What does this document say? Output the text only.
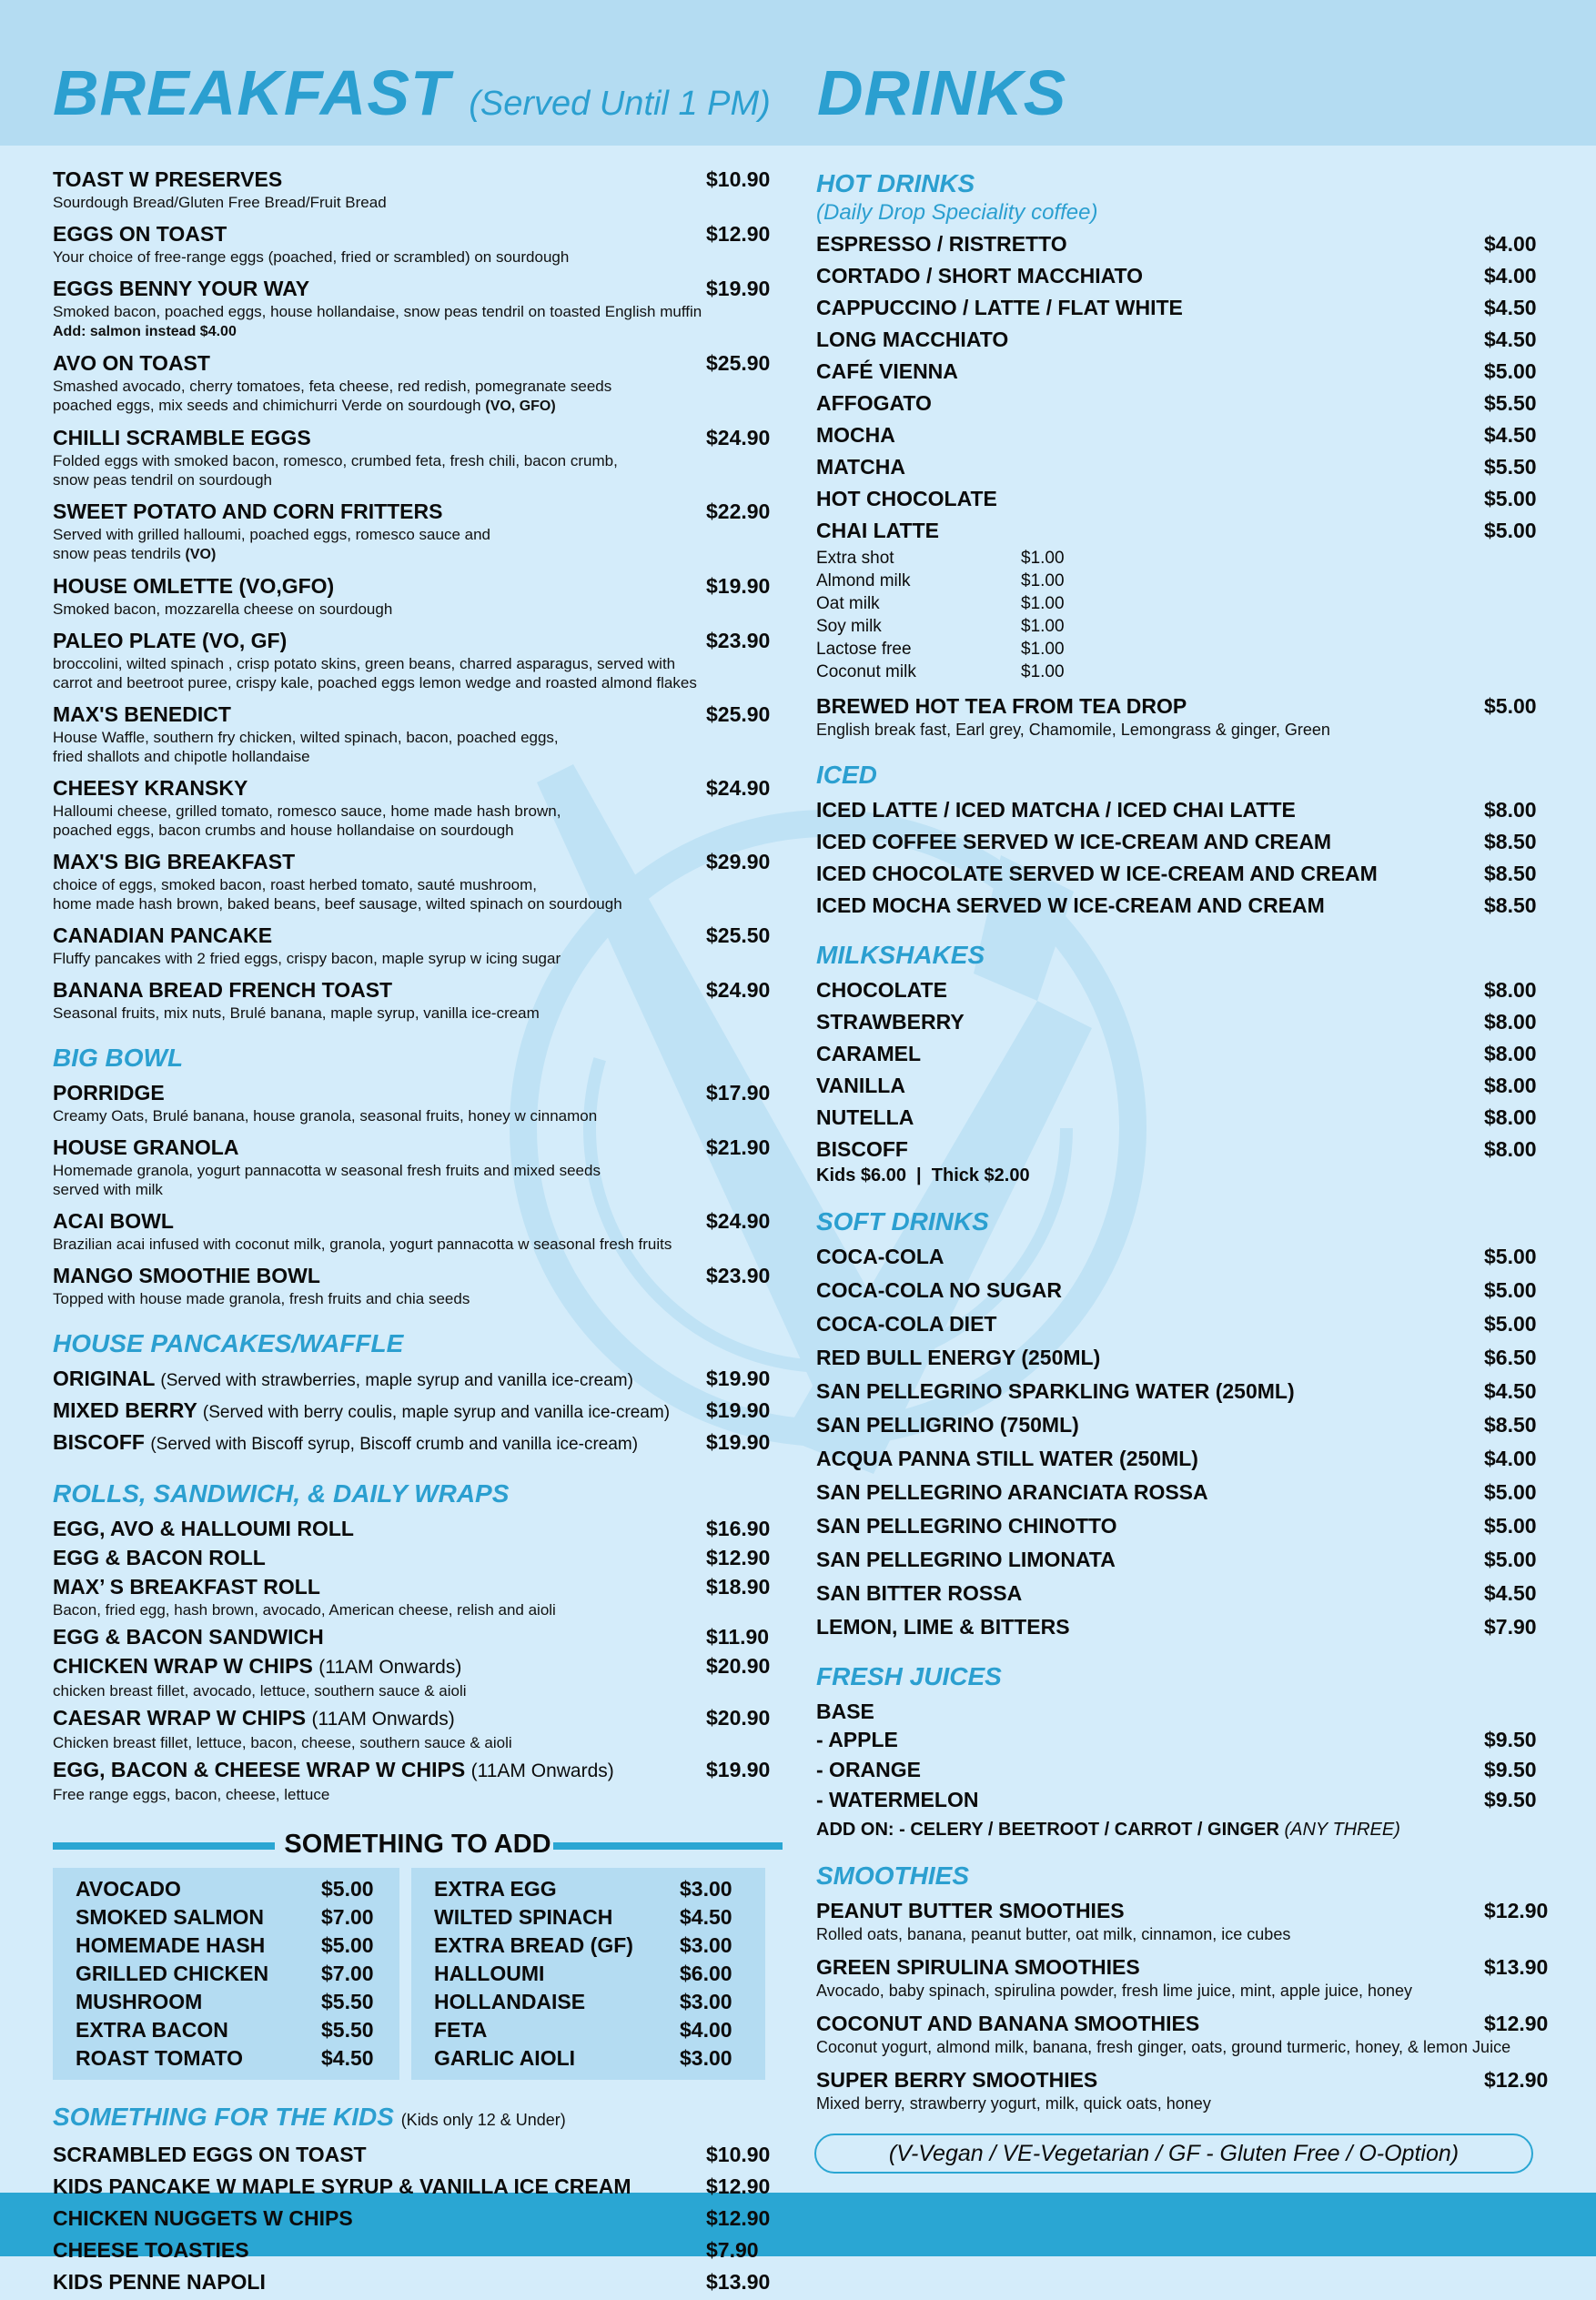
BREAKFAST (Served Until 1 PM) DRINKS
TOAST W PRESERVES	$10.90
Sourdough Bread/Gluten Free Bread/Fruit Bread
EGGS ON TOAST	$12.90
Your choice of free-range eggs (poached, fried or scrambled) on sourdough
EGGS BENNY YOUR WAY	$19.90
Smoked bacon, poached eggs, house hollandaise, snow peas tendril on toasted English muffin
Add: salmon instead $4.00
AVO ON TOAST	$25.90
Smashed avocado, cherry tomatoes, feta cheese, red redish, pomegranate seeds
poached eggs, mix seeds and chimichurri Verde on sourdough (VO, GFO)
CHILLI SCRAMBLE EGGS	$24.90
Folded eggs with smoked bacon, romesco, crumbed feta, fresh chili, bacon crumb,
snow peas tendril on sourdough
SWEET POTATO AND CORN FRITTERS	$22.90
Served with grilled halloumi, poached eggs, romesco sauce and
snow peas tendrils (VO)
HOUSE OMLETTE (VO,GFO)	$19.90
Smoked bacon, mozzarella cheese on sourdough
PALEO PLATE (VO, GF)	$23.90
broccolini, wilted spinach , crisp potato skins, green beans, charred asparagus, served with
carrot and beetroot puree, crispy kale, poached eggs lemon wedge and roasted almond flakes
MAX'S BENEDICT	$25.90
House Waffle, southern fry chicken, wilted spinach, bacon, poached eggs,
fried shallots and chipotle hollandaise
CHEESY KRANSKY	$24.90
Halloumi cheese, grilled tomato, romesco sauce, home made hash brown,
poached eggs, bacon crumbs and house hollandaise on sourdough
MAX'S BIG BREAKFAST	$29.90
choice of eggs, smoked bacon, roast herbed tomato, sauté mushroom,
home made hash brown, baked beans, beef sausage, wilted spinach on sourdough
CANADIAN PANCAKE	$25.50
Fluffy pancakes with 2 fried eggs, crispy bacon, maple syrup w icing sugar
BANANA BREAD FRENCH TOAST	$24.90
Seasonal fruits, mix nuts, Brulé banana, maple syrup, vanilla ice-cream
BIG BOWL
PORRIDGE	$17.90
Creamy Oats, Brulé banana, house granola, seasonal fruits, honey w cinnamon
HOUSE GRANOLA	$21.90
Homemade granola, yogurt pannacotta w seasonal fresh fruits and mixed seeds
served with milk
ACAI BOWL	$24.90
Brazilian acai infused with coconut milk, granola, yogurt pannacotta w seasonal fresh fruits
MANGO SMOOTHIE BOWL	$23.90
Topped with house made granola, fresh fruits and chia seeds
HOUSE PANCAKES/WAFFLE
ORIGINAL (Served with strawberries, maple syrup and vanilla ice-cream)	$19.90
MIXED BERRY (Served with berry coulis, maple syrup and vanilla ice-cream) $19.90
BISCOFF (Served with Biscoff syrup, Biscoff crumb and vanilla ice-cream)	$19.90
ROLLS, SANDWICH, & DAILY WRAPS
EGG, AVO & HALLOUMI ROLL	$16.90
EGG & BACON ROLL	$12.90
MAX’ S BREAKFAST ROLL	$18.90
Bacon, fried egg, hash brown, avocado, American cheese, relish and aioli
EGG & BACON SANDWICH	$11.90
CHICKEN WRAP W CHIPS (11AM Onwards)	$20.90
chicken breast fillet, avocado, lettuce, southern sauce & aioli
CAESAR WRAP W CHIPS (11AM Onwards)	$20.90
Chicken breast fillet, lettuce, bacon, cheese, southern sauce & aioli
EGG, BACON & CHEESE WRAP W CHIPS (11AM Onwards)	$19.90
Free range eggs, bacon, cheese, lettuce
SOMETHING TO ADD
AVOCADO	$5.00
SMOKED SALMON	$7.00
HOMEMADE HASH	$5.00
GRILLED CHICKEN	$7.00
MUSHROOM	$5.50
EXTRA BACON	$5.50
ROAST TOMATO	$4.50
EXTRA EGG	$3.00
WILTED SPINACH	$4.50
EXTRA BREAD (GF)	$3.00
HALLOUMI	$6.00
HOLLANDAISE	$3.00
FETA	$4.00
GARLIC AIOLI	$3.00
SOMETHING FOR THE KIDS (Kids only 12 & Under)
SCRAMBLED EGGS ON TOAST	$10.90
KIDS PANCAKE W MAPLE SYRUP & VANILLA ICE CREAM	$12.90
CHICKEN NUGGETS W CHIPS	$12.90
CHEESE TOASTIES	$7.90
KIDS PENNE NAPOLI	$13.90
HOT DRINKS
(Daily Drop Speciality coffee)
ESPRESSO / RISTRETTO	$4.00
CORTADO / SHORT MACCHIATO	$4.00
CAPPUCCINO / LATTE / FLAT WHITE	$4.50
LONG MACCHIATO	$4.50
CAFÉ VIENNA	$5.00
AFFOGATO	$5.50
MOCHA	$4.50
MATCHA	$5.50
HOT CHOCOLATE	$5.00
CHAI LATTE	$5.00
Extra shot	$1.00
Almond milk	$1.00
Oat milk	$1.00
Soy milk	$1.00
Lactose free	$1.00
Coconut milk	$1.00
BREWED HOT TEA FROM TEA DROP	$5.00
English break fast, Earl grey, Chamomile, Lemongrass & ginger, Green
ICED
ICED LATTE / ICED MATCHA / ICED CHAI LATTE	$8.00
ICED COFFEE SERVED W ICE-CREAM AND CREAM	$8.50
ICED CHOCOLATE SERVED W ICE-CREAM AND CREAM	$8.50
ICED MOCHA SERVED W ICE-CREAM AND CREAM	$8.50
MILKSHAKES
CHOCOLATE	$8.00
STRAWBERRY	$8.00
CARAMEL	$8.00
VANILLA	$8.00
NUTELLA	$8.00
BISCOFF	$8.00
Kids $6.00  |  Thick $2.00
SOFT DRINKS
COCA-COLA	$5.00
COCA-COLA NO SUGAR	$5.00
COCA-COLA DIET	$5.00
RED BULL ENERGY (250ML)	$6.50
SAN PELLEGRINO SPARKLING WATER (250ML)	$4.50
SAN PELLIGRINO (750ML)	$8.50
ACQUA PANNA STILL WATER (250ML)	$4.00
SAN PELLEGRINO ARANCIATA ROSSA	$5.00
SAN PELLEGRINO CHINOTTO	$5.00
SAN PELLEGRINO LIMONATA	$5.00
SAN BITTER ROSSA	$4.50
LEMON, LIME & BITTERS	$7.90
FRESH JUICES
BASE
- APPLE	$9.50
- ORANGE	$9.50
- WATERMELON	$9.50
ADD ON: - CELERY / BEETROOT / CARROT / GINGER (ANY THREE)
SMOOTHIES
PEANUT BUTTER SMOOTHIES	$12.90
Rolled oats, banana, peanut butter, oat milk, cinnamon, ice cubes
GREEN SPIRULINA SMOOTHIES	$13.90
Avocado, baby spinach, spirulina powder, fresh lime juice, mint, apple juice, honey
COCONUT AND BANANA SMOOTHIES	$12.90
Coconut yogurt, almond milk, banana, fresh ginger, oats, ground turmeric, honey, & lemon Juice
SUPER BERRY SMOOTHIES	$12.90
Mixed berry, strawberry yogurt, milk, quick oats, honey
(V-Vegan / VE-Vegetarian / GF - Gluten Free / O-Option)
